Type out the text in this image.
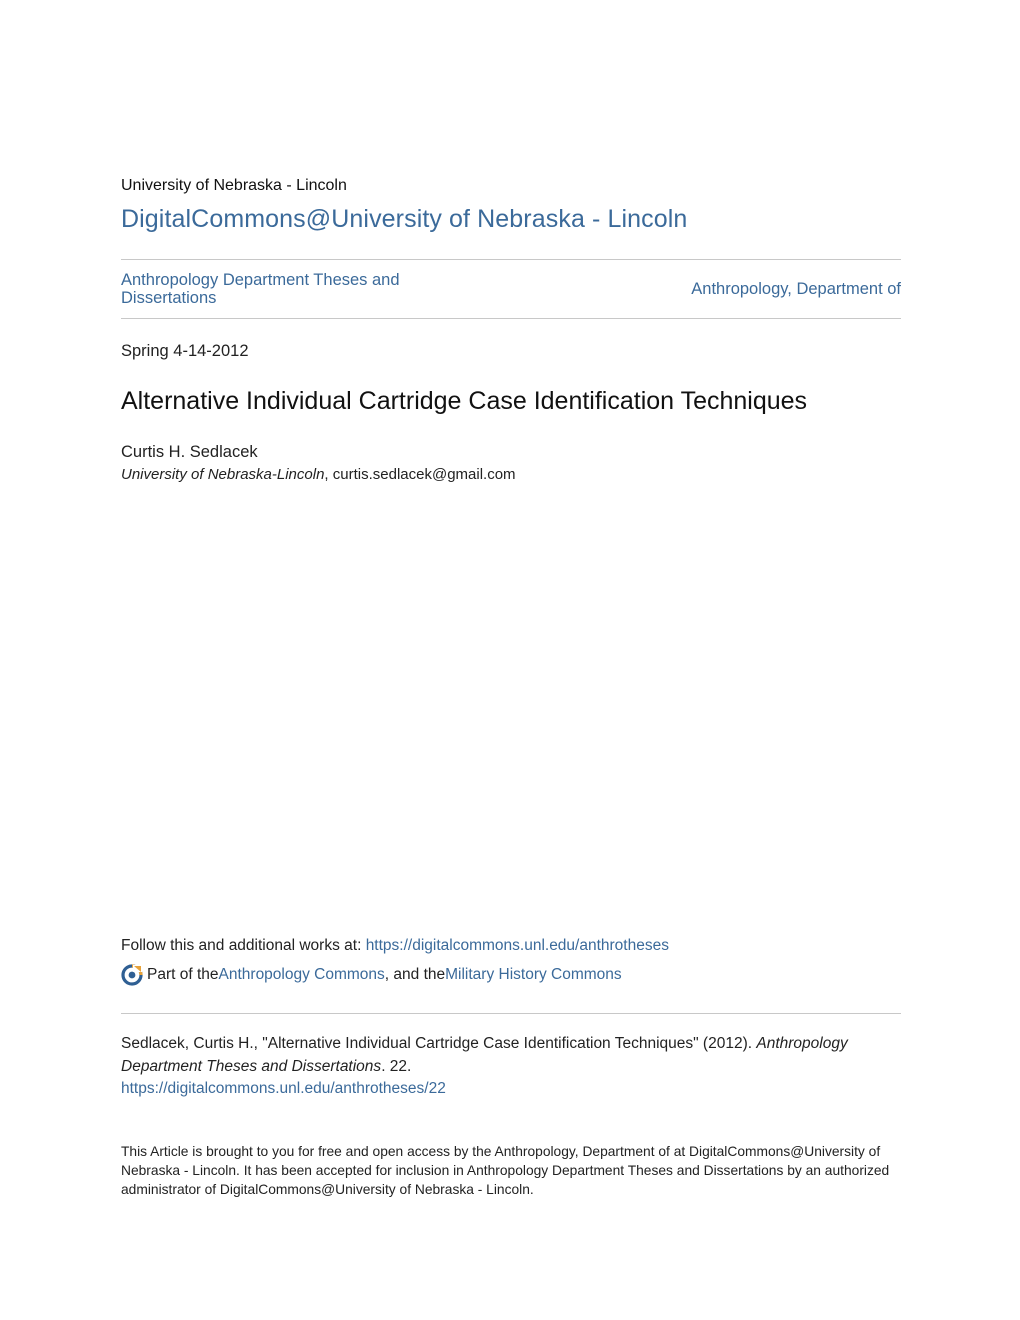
University of Nebraska - Lincoln
DigitalCommons@University of Nebraska - Lincoln
Anthropology Department Theses and
Dissertations	Anthropology, Department of
Spring 4-14-2012
Alternative Individual Cartridge Case Identification Techniques
Curtis H. Sedlacek
University of Nebraska-Lincoln, curtis.sedlacek@gmail.com
Follow this and additional works at: https://digitalcommons.unl.edu/anthrotheses
Part of the Anthropology Commons , and the Military History Commons
Sedlacek, Curtis H., "Alternative Individual Cartridge Case Identification Techniques" (2012). Anthropology Department Theses and Dissertations. 22.
https://digitalcommons.unl.edu/anthrotheses/22
This Article is brought to you for free and open access by the Anthropology, Department of at DigitalCommons@University of Nebraska - Lincoln. It has been accepted for inclusion in Anthropology Department Theses and Dissertations by an authorized administrator of DigitalCommons@University of Nebraska - Lincoln.
